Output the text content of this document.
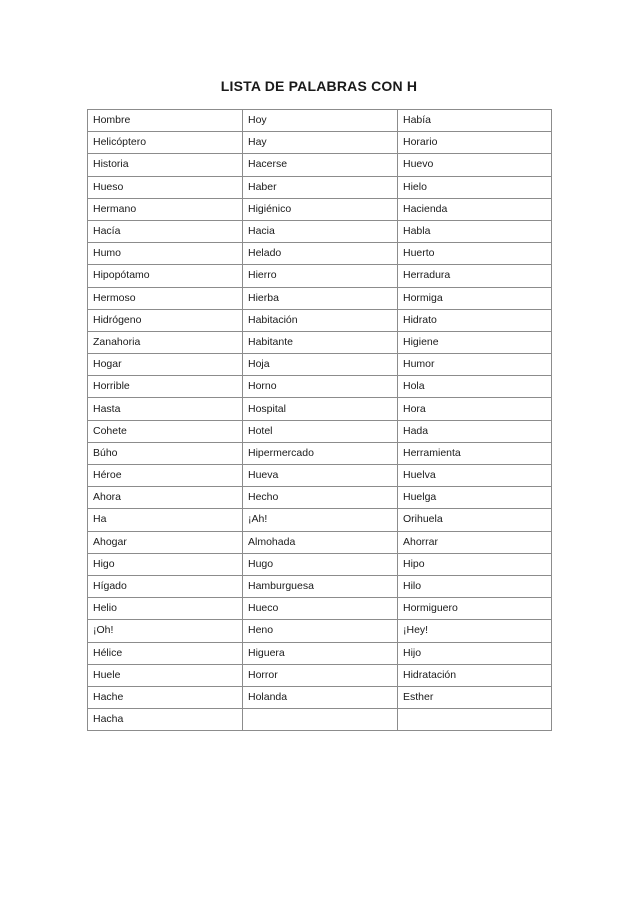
LISTA DE PALABRAS CON H
Hombre	Hoy	Había
Helicóptero	Hay	Horario
Historia	Hacerse	Huevo
Hueso	Haber	Hielo
Hermano	Higiénico	Hacienda
Hacía	Hacia	Habla
Humo	Helado	Huerto
Hipopótamo	Hierro	Herradura
Hermoso	Hierba	Hormiga
Hidrógeno	Habitación	Hidrato
Zanahoria	Habitante	Higiene
Hogar	Hoja	Humor
Horrible	Horno	Hola
Hasta	Hospital	Hora
Cohete	Hotel	Hada
Búho	Hipermercado	Herramienta
Héroe	Hueva	Huelva
Ahora	Hecho	Huelga
Ha	¡Ah!	Orihuela
Ahogar	Almohada	Ahorrar
Higo	Hugo	Hipo
Hígado	Hamburguesa	Hilo
Helio	Hueco	Hormiguero
¡Oh!	Heno	¡Hey!
Hélice	Higuera	Hijo
Huele	Horror	Hidratación
Hache	Holanda	Esther
Hacha		
